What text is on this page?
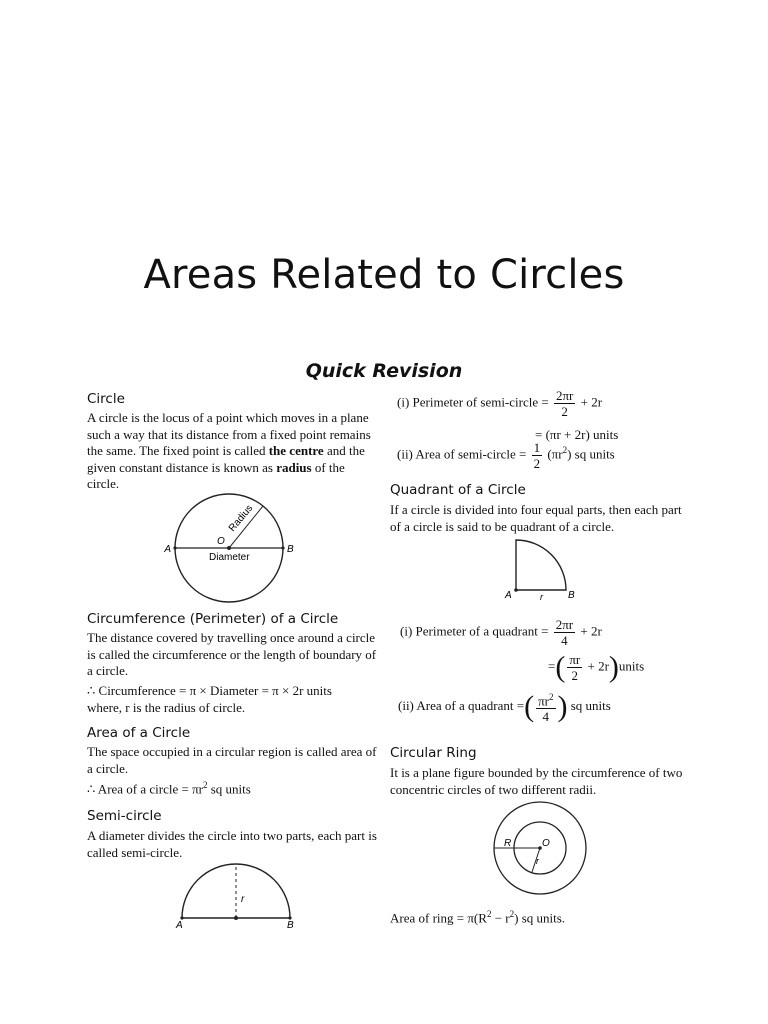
Areas Related to Circles
Quick Revision
Circle
A circle is the locus of a point which moves in a plane such a way that its distance from a fixed point remains the same. The fixed point is called the centre and the given constant distance is known as radius of the circle.
A	B
O
Radius
Diameter
Circumference (Perimeter) of a Circle
The distance covered by travelling once around a circle is called the circumference or the length of boundary of a circle.
∴ Circumference = π × Diameter = π × 2r units
where, r is the radius of circle.
Area of a Circle
The space occupied in a circular region is called area of a circle.
∴ Area of a circle = $\pi r^2$ sq units
Semi-circle
A diameter divides the circle into two parts, each part is called semi-circle.
r
A	B
(i) Perimeter of semi-circle = $\frac{2\pi r}{2} + 2r$
= (πr + 2r) units
(ii) Area of semi-circle = $\frac{1}{2} (\pi r^2)$ sq units
Quadrant of a Circle
If a circle is divided into four equal parts, then each part of a circle is said to be quadrant of a circle.
A	B
r
(i) Perimeter of a quadrant = $\frac{2\pi r}{4} + 2r$
=( $\frac{\pi r}{2}$ + 2r)units
(ii) Area of a quadrant =( $\frac{\pi r^2}{4}$ ) sq units
Circular Ring
It is a plane figure bounded by the circumference of two concentric circles of two different radii.
R	O
r
Area of ring = $\pi(R^2 - r^2)$ sq units.
